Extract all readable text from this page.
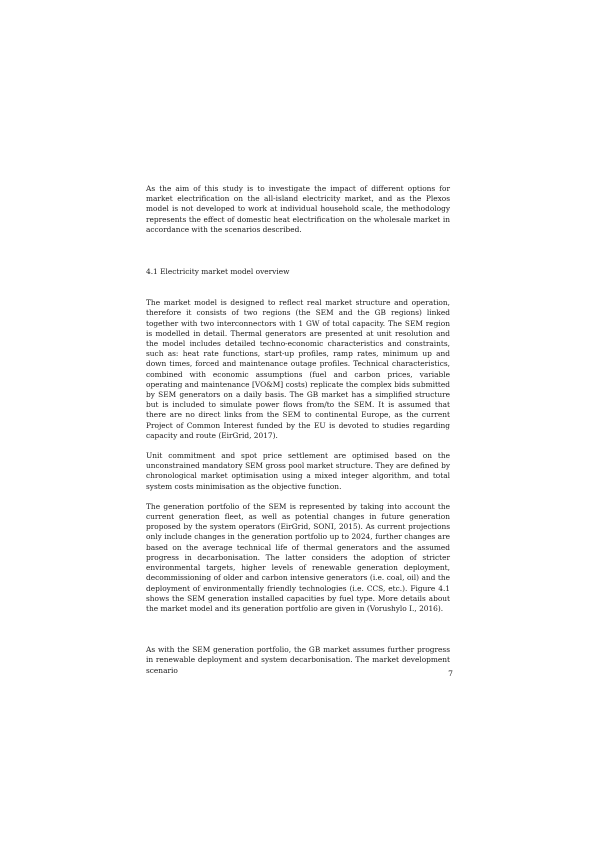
As the aim of this study is to investigate the impact of different options for market electrification on the all-island electricity market, and as the Plexos model is not developed to work at individual household scale, the methodology represents the effect of domestic heat electrification on the wholesale market in accordance with the scenarios described.

4.1 Electricity market model overview

The market model is designed to reflect real market structure and operation, therefore it consists of two regions (the SEM and the GB regions) linked together with two interconnectors with 1 GW of total capacity. The SEM region is modelled in detail. Thermal generators are presented at unit resolution and the model includes detailed techno-economic characteristics and constraints, such as: heat rate functions, start-up profiles, ramp rates, minimum up and down times, forced and maintenance outage profiles. Technical characteristics, combined with economic assumptions (fuel and carbon prices, variable operating and maintenance [VO&M] costs) replicate the complex bids submitted by SEM generators on a daily basis. The GB market has a simplified structure but is included to simulate power flows from/to the SEM. It is assumed that there are no direct links from the SEM to continental Europe, as the current Project of Common Interest funded by the EU is devoted to studies regarding capacity and route (EirGrid, 2017).

Unit commitment and spot price settlement are optimised based on the unconstrained mandatory SEM gross pool market structure. They are defined by chronological market optimisation using a mixed integer algorithm, and total system costs minimisation as the objective function.

The generation portfolio of the SEM is represented by taking into account the current generation fleet, as well as potential changes in future generation proposed by the system operators (EirGrid, SONI, 2015). As current projections only include changes in the generation portfolio up to 2024, further changes are based on the average technical life of thermal generators and the assumed progress in decarbonisation. The latter considers the adoption of stricter environmental targets, higher levels of renewable generation deployment, decommissioning of older and carbon intensive generators (i.e. coal, oil) and the deployment of environmentally friendly technologies (i.e. CCS, etc.). Figure 4.1 shows the SEM generation installed capacities by fuel type. More details about the market model and its generation portfolio are given in (Vorushylo I., 2016).

As with the SEM generation portfolio, the GB market assumes further progress in renewable deployment and system decarbonisation. The market development scenario	7
